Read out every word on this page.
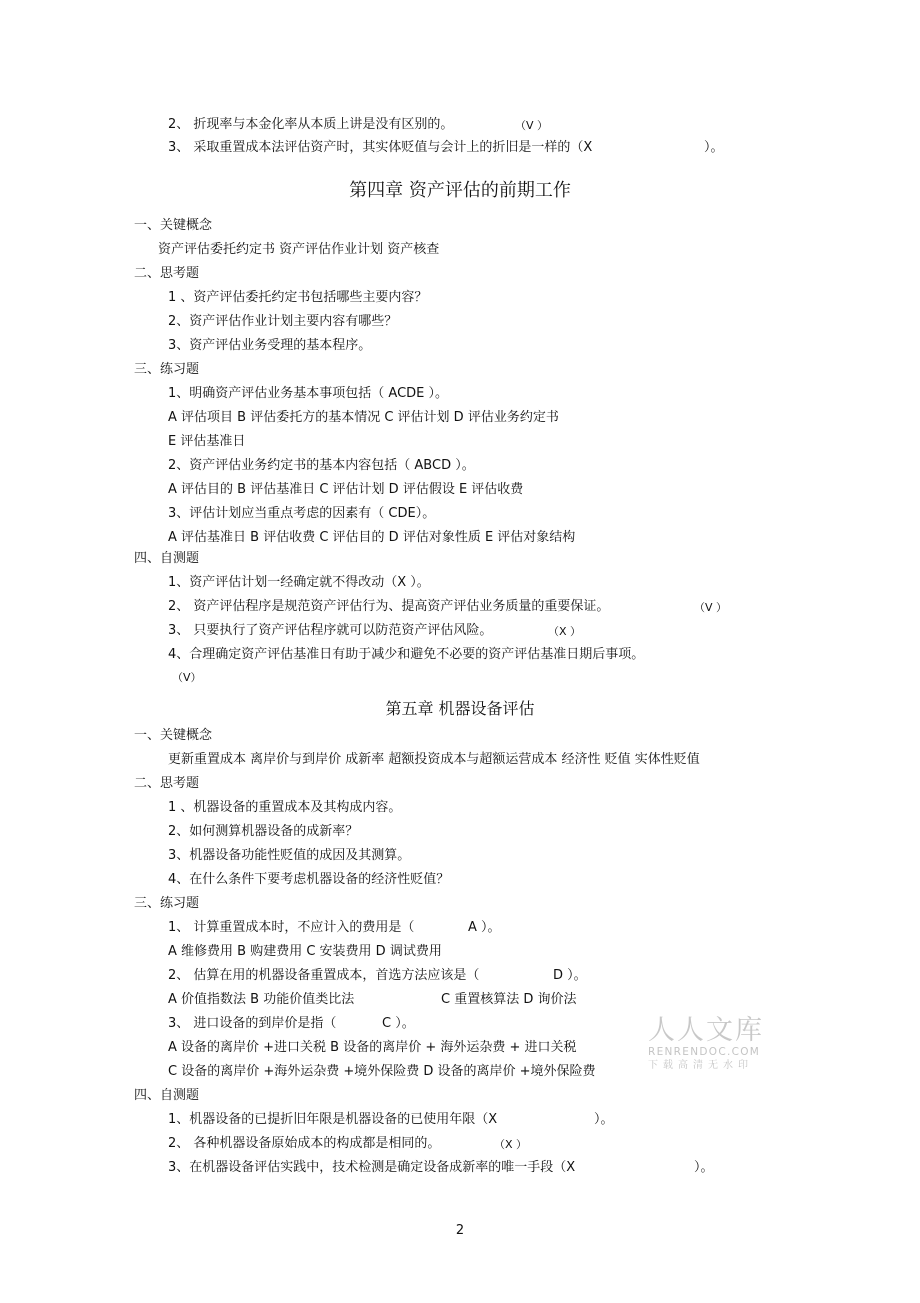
2、 折现率与本金化率从本质上讲是没有区别的。	（V ）
3、 采取重置成本法评估资产时，其实体贬值与会计上的折旧是一样的（X	）。
第四章 资产评估的前期工作
一、关键概念
资产评估委托约定书 资产评估作业计划 资产核查
二、思考题
1 、资产评估委托约定书包括哪些主要内容？
2、资产评估作业计划主要内容有哪些？
3、资产评估业务受理的基本程序。
三、练习题
1、明确资产评估业务基本事项包括（ ACDE ）。
A 评估项目 B 评估委托方的基本情况 C 评估计划 D 评估业务约定书
E 评估基准日
2、资产评估业务约定书的基本内容包括（ ABCD ）。
A 评估目的 B 评估基准日 C 评估计划 D 评估假设 E 评估收费
3、评估计划应当重点考虑的因素有（ CDE）。
A 评估基准日 B 评估收费 C 评估目的 D 评估对象性质 E 评估对象结构
四、自测题
1、资产评估计划一经确定就不得改动（X ）。
2、 资产评估程序是规范资产评估行为、提高资产评估业务质量的重要保证。	（V ）
3、 只要执行了资产评估程序就可以防范资产评估风险。	（X ）
4、合理确定资产评估基准日有助于减少和避免不必要的资产评估基准日期后事项。
（V）
第五章 机器设备评估
一、关键概念
更新重置成本 离岸价与到岸价 成新率 超额投资成本与超额运营成本 经济性 贬值 实体性贬值
二、思考题
1 、机器设备的重置成本及其构成内容。
2、如何测算机器设备的成新率？
3、机器设备功能性贬值的成因及其测算。
4、在什么条件下要考虑机器设备的经济性贬值？
三、练习题
1、 计算重置成本时，不应计入的费用是（	A ）。
A 维修费用 B 购建费用 C 安装费用 D 调试费用
2、 估算在用的机器设备重置成本，首选方法应该是（	D ）。
A 价值指数法 B 功能价值类比法	C 重置核算法 D 询价法
3、 进口设备的到岸价是指（	C ）。
A 设备的离岸价 +进口关税 B 设备的离岸价 + 海外运杂费 + 进口关税
C 设备的离岸价 +海外运杂费 +境外保险费 D 设备的离岸价 +境外保险费
四、自测题
1、机器设备的已提折旧年限是机器设备的已使用年限（X	）。
2、 各种机器设备原始成本的构成都是相同的。	（X ）
3、在机器设备评估实践中，技术检测是确定设备成新率的唯一手段（X	）。
人人文库
RENRENDOC.COM
下载高清无水印
2
